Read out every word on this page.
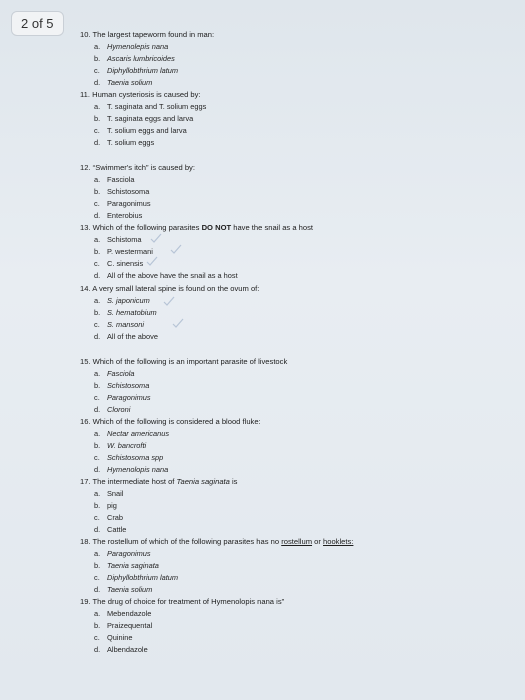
10. The largest tapeworm found in man:
a. Hymenolepis nana
b. Ascaris lumbricoides
c. Diphyllobthrium latum
d. Taenia solium
11. Human cysteriosis is caused by:
a. T. saginata and T. solium eggs
b. T. saginata eggs and larva
c. T. solium eggs and larva
d. T. solium eggs
12. “Swimmer's itch” is caused by:
a. Fasciola
b. Schistosoma
c. Paragonimus
d. Enterobius
13. Which of the following parasites DO NOT have the snail as a host
a. Schistoma
b. P. westermani
c. C. sinensis
d. All of the above have the snail as a host
14. A very small lateral spine is found on the ovum of:
a. S. japonicum
b. S. hematobium
c. S. mansoni
d. All of the above
15. Which of the following is an important parasite of livestock
a. Fasciola
b. Schistosoma
c. Paragonimus
d. Cloroni
16. Which of the following is considered a blood fluke:
a. Nectar americanus
b. W. bancrofti
c. Schistosoma spp
d. Hymenolopis nana
17. The intermediate host of Taenia saginata is
a. Snail
b. pig
c. Crab
d. Cattle
18. The rostellum of which of the following parasites has no rostellum or hooklets:
a. Paragonimus
b. Taenia saginata
c. Diphyllobthrium latum
d. Taenia solium
19. The drug of choice for treatment of Hymenolopis nana is”
a. Mebendazole
b. Praizequental
c. Quinine
d. Albendazole
2 of 5
